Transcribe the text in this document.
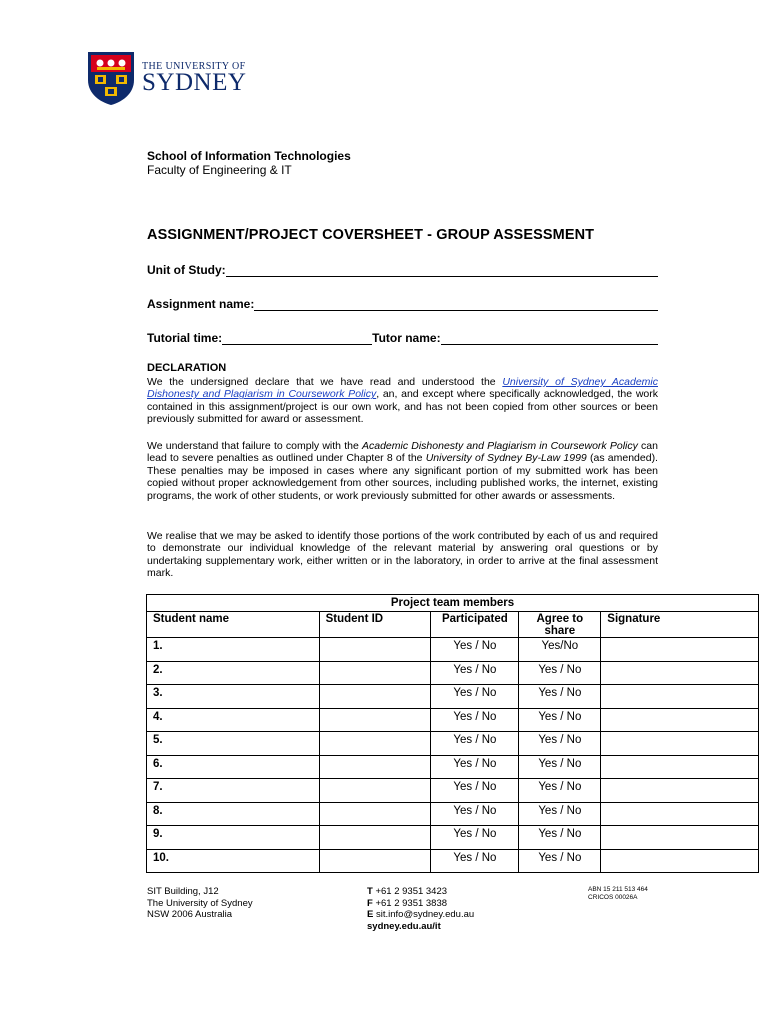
THE UNIVERSITY OF
SYDNEY
School of Information Technologies
Faculty of Engineering & IT
ASSIGNMENT/PROJECT COVERSHEET - GROUP ASSESSMENT
Unit of Study:
Assignment name:
Tutorial time:	Tutor name:
DECLARATION
We the undersigned declare that we have read and understood the University of Sydney Academic Dishonesty and Plagiarism in Coursework Policy, an, and except where specifically acknowledged, the work contained in this assignment/project is our own work, and has not been copied from other sources or been previously submitted for award or assessment.
We understand that failure to comply with the Academic Dishonesty and Plagiarism in Coursework Policy can lead to severe penalties as outlined under Chapter 8 of the University of Sydney By-Law 1999 (as amended). These penalties may be imposed in cases where any significant portion of my submitted work has been copied without proper acknowledgement from other sources, including published works, the internet, existing programs, the work of other students, or work previously submitted for other awards or assessments.
We realise that we may be asked to identify those portions of the work contributed by each of us and required to demonstrate our individual knowledge of the relevant material by answering oral questions or by undertaking supplementary work, either written or in the laboratory, in order to arrive at the final assessment mark.
Project team members				
Student name	Student ID	Participated	Agree to share	Signature
1.		Yes / No	Yes/No	
2.		Yes / No	Yes / No	
3.		Yes / No	Yes / No	
4.		Yes / No	Yes / No	
5.		Yes / No	Yes / No	
6.		Yes / No	Yes / No	
7.		Yes / No	Yes / No	
8.		Yes / No	Yes / No	
9.		Yes / No	Yes / No	
10.		Yes / No	Yes / No	
SIT Building, J12
The University of Sydney
NSW 2006 Australia
T +61 2 9351 3423
F +61 2 9351 3838
E sit.info@sydney.edu.au
sydney.edu.au/it
ABN 15 211 513 464
CRICOS 00026A
